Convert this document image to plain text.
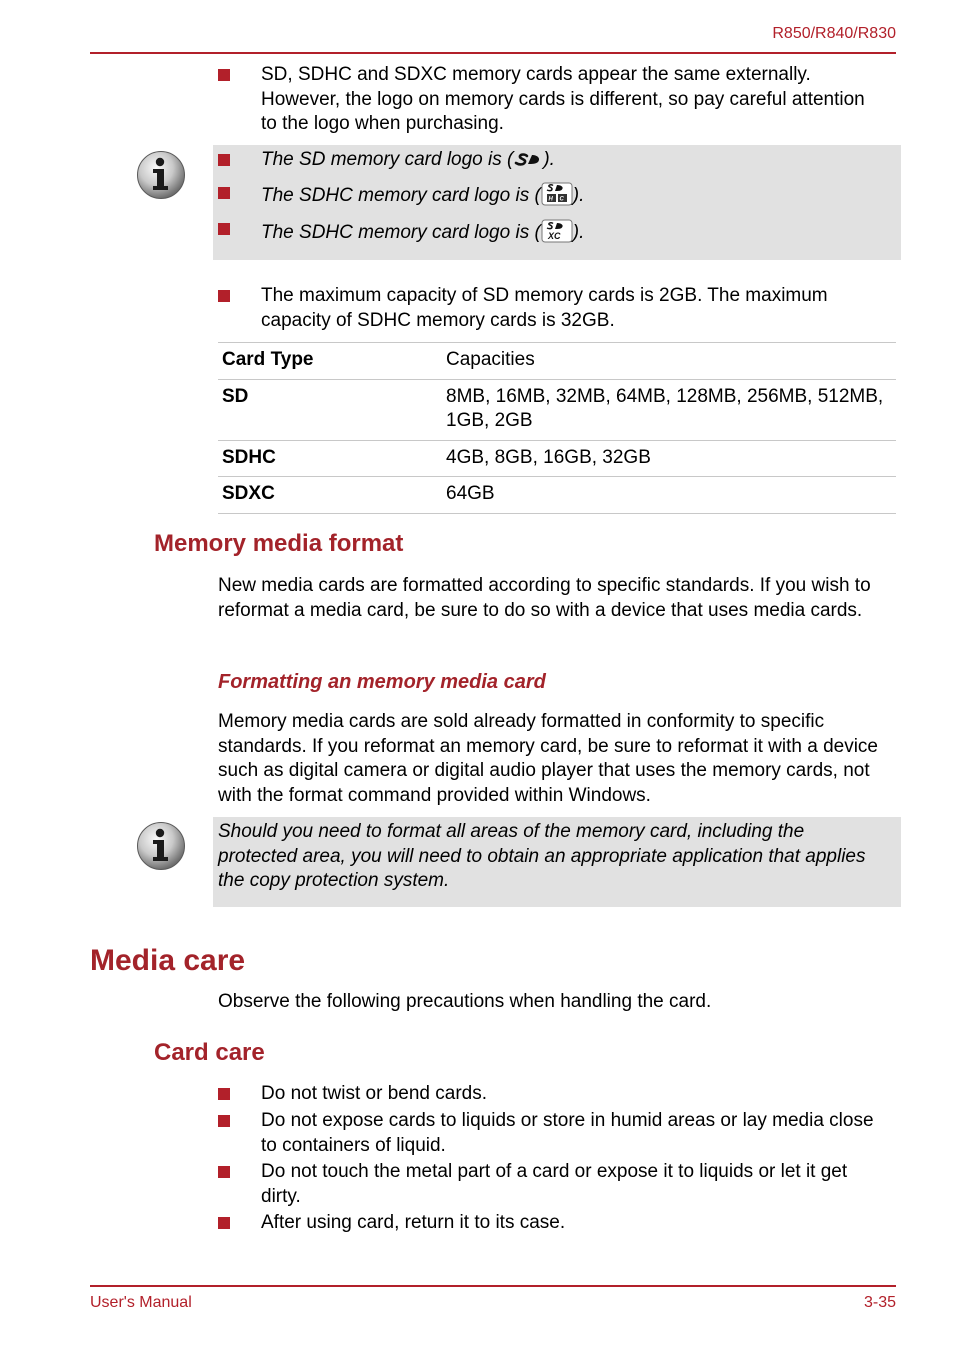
R850/R840/R830
SD, SDHC and SDXC memory cards appear the same externally. However, the logo on memory cards is different, so pay careful attention to the logo when purchasing.
The SD memory card logo is ( ).
The SDHC memory card logo is ( H C ).
The SDHC memory card logo is ( XC ).
The maximum capacity of SD memory cards is 2GB. The maximum capacity of SDHC memory cards is 32GB.
Card Type	Capacities
SD	8MB, 16MB, 32MB, 64MB, 128MB, 256MB, 512MB, 1GB, 2GB
SDHC	4GB, 8GB, 16GB, 32GB
SDXC	64GB
Memory media format
New media cards are formatted according to specific standards. If you wish to reformat a media card, be sure to do so with a device that uses media cards.
Formatting an memory media card
Memory media cards are sold already formatted in conformity to specific standards. If you reformat an memory card, be sure to reformat it with a device such as digital camera or digital audio player that uses the memory cards, not with the format command provided within Windows.
Should you need to format all areas of the memory card, including the protected area, you will need to obtain an appropriate application that applies the copy protection system.
Media care
Observe the following precautions when handling the card.
Card care
Do not twist or bend cards.
Do not expose cards to liquids or store in humid areas or lay media close to containers of liquid.
Do not touch the metal part of a card or expose it to liquids or let it get dirty.
After using card, return it to its case.
User's Manual	3-35
